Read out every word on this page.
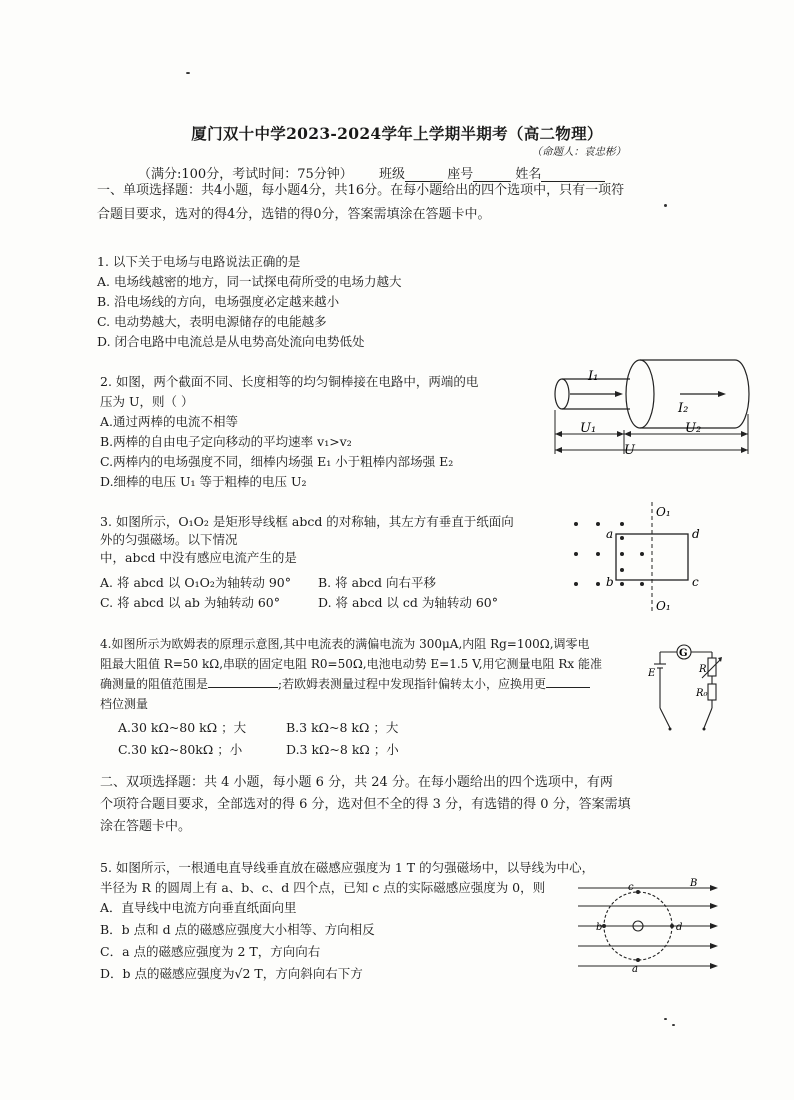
厦门双十中学2023-2024学年上学期半期考（高二物理）
（命题人：袁忠彬）
（满分:100分，考试时间：75分钟） 班级	座号	姓名
一、单项选择题：共4小题，每小题4分，共16分。在每小题给出的四个选项中，只有一项符
合题目要求，选对的得4分，选错的得0分，答案需填涂在答题卡中。
1. 以下关于电场与电路说法正确的是
A. 电场线越密的地方，同一试探电荷所受的电场力越大
B. 沿电场线的方向，电场强度必定越来越小
C. 电动势越大，表明电源储存的电能越多
D. 闭合电路中电流总是从电势高处流向电势低处
2. 如图，两个截面不同、长度相等的均匀铜棒接在电路中，两端的电
压为 U，则（ ）
A.通过两棒的电流不相等
B.两棒的自由电子定向移动的平均速率 v₁>v₂
C.两棒内的电场强度不同，细棒内场强 E₁ 小于粗棒内部场强 E₂
D.细棒的电压 U₁ 等于粗棒的电压 U₂
I₁
I₂
U₁	U₂
U
3. 如图所示，O₁O₂ 是矩形导线框 abcd 的对称轴，其左方有垂直于纸面向
外的匀强磁场。以下情况
中，abcd 中没有感应电流产生的是
A. 将 abcd 以 O₁O₂为轴转动 90° B. 将 abcd 向右平移
C. 将 abcd 以 ab 为轴转动 60°	D. 将 abcd 以 cd 为轴转动 60°
O₁
O₁
a
b	c
d
4.如图所示为欧姆表的原理示意图,其中电流表的满偏电流为 300μA,内阻 Rg=100Ω,调零电
阻最大阻值 R=50 kΩ,串联的固定电阻 R0=50Ω,电池电动势 E=1.5 V,用它测量电阻 Rx 能准
确测量的阻值范围是	;若欧姆表测量过程中发现指针偏转太小，应换用更
档位测量
A.30 kΩ~80 kΩ ；大	B.3 kΩ~8 kΩ ；大
C.30 kΩ~80kΩ ；小	D.3 kΩ~8 kΩ ；小
G
E	R
R₀
二、双项选择题：共 4 小题，每小题 6 分，共 24 分。在每小题给出的四个选项中，有两
个项符合题目要求，全部选对的得 6 分，选对但不全的得 3 分，有选错的得 0 分，答案需填
涂在答题卡中。
5. 如图所示，一根通电直导线垂直放在磁感应强度为 1 T 的匀强磁场中，以导线为中心，
半径为 R 的圆周上有 a、b、c、d 四个点，已知 c 点的实际磁感应强度为 0，则
A．直导线中电流方向垂直纸面向里
B．b 点和 d 点的磁感应强度大小相等、方向相反
C．a 点的磁感应强度为 2 T，方向向右
D．b 点的磁感应强度为√2 T，方向斜向右下方
c	B
b	d
a
